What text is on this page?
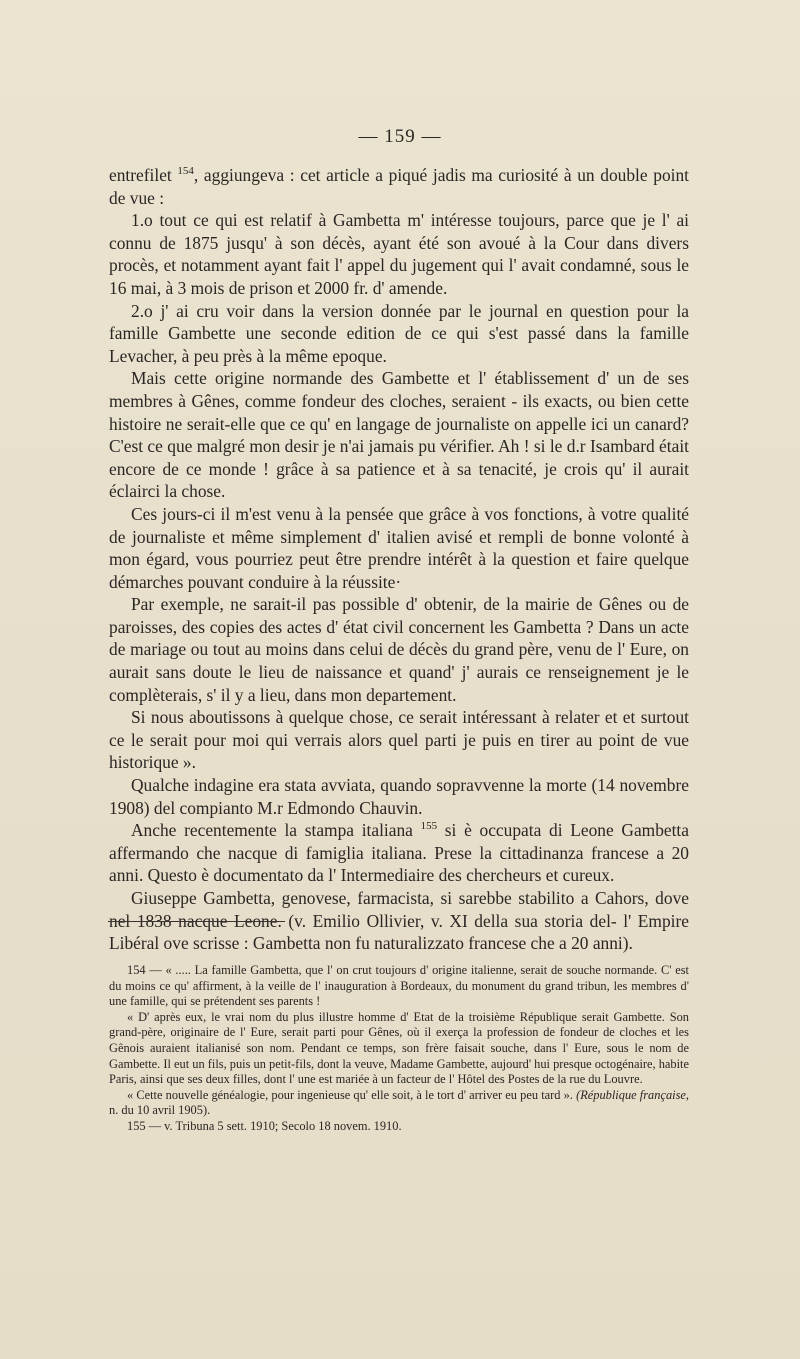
— 159 —

entrefilet $^{154}$, aggiungeva : cet article a piqué jadis ma curiosité à un double point de vue :

1.o tout ce qui est relatif à Gambetta m' intéresse toujours, parce que je l' ai connu de 1875 jusqu' à son décès, ayant été son avoué à la Cour dans divers procès, et notamment ayant fait l' appel du jugement qui l' avait condamné, sous le 16 mai, à 3 mois de prison et 2000 fr. d' amende.

2.o j' ai cru voir dans la version donnée par le journal en question pour la famille Gambette une seconde edition de ce qui s'est passé dans la famille Levacher, à peu près à la même epoque.

Mais cette origine normande des Gambette et l' établissement d' un de ses membres à Gênes, comme fondeur des cloches, seraient - ils exacts, ou bien cette histoire ne serait-elle que ce qu' en langage de journaliste on appelle ici un canard? C'est ce que malgré mon desir je n'ai jamais pu vérifier. Ah ! si le d.r Isambard était encore de ce monde ! grâce à sa patience et à sa tenacité, je crois qu' il aurait éclairci la chose.

Ces jours-ci il m'est venu à la pensée que grâce à vos fonctions, à votre qualité de journaliste et même simplement d' italien avisé et rempli de bonne volonté à mon égard, vous pourriez peut être prendre intérêt à la question et faire quelque démarches pouvant conduire à la réussite·

Par exemple, ne sarait-il pas possible d' obtenir, de la mairie de Gênes ou de paroisses, des copies des actes d' état civil concernent les Gambetta ? Dans un acte de mariage ou tout au moins dans celui de décès du grand père, venu de l' Eure, on aurait sans doute le lieu de naissance et quand' j' aurais ce renseignement je le complèterais, s' il y a lieu, dans mon departement.

Si nous aboutissons à quelque chose, ce serait intéressant à relater et et surtout ce le serait pour moi qui verrais alors quel parti je puis en tirer au point de vue historique ».

Qualche indagine era stata avviata, quando sopravvenne la morte (14 novembre 1908) del compianto M.r Edmondo Chauvin.

Anche recentemente la stampa italiana $^{155}$ si è occupata di Leone Gambetta affermando che nacque di famiglia italiana. Prese la cittadinanza francese a 20 anni. Questo è documentato da l' Intermediaire des chercheurs et cureux.

Giuseppe Gambetta, genovese, farmacista, si sarebbe stabilito a Cahors, dove nel 1838 nacque Leone. (v. Emilio Ollivier, v. XI della sua storia del- l' Empire Libéral ove scrisse : Gambetta non fu naturalizzato francese che a 20 anni).

154 — « ..... La famille Gambetta, que l' on crut toujours d' origine italienne, serait de souche normande. C' est du moins ce qu' affirment, à la veille de l' inauguration à Bordeaux, du monument du grand tribun, les membres d' une famille, qui se prétendent ses parents !

« D' après eux, le vrai nom du plus illustre homme d' Etat de la troisième République serait Gambette. Son grand-père, originaire de l' Eure, serait parti pour Gênes, où il exerça la profession de fondeur de cloches et les Gênois auraient italianisé son nom. Pendant ce temps, son frère faisait souche, dans l' Eure, sous le nom de Gambette. Il eut un fils, puis un petit-fils, dont la veuve, Madame Gambette, aujourd' hui presque octogénaire, habite Paris, ainsi que ses deux filles, dont l' une est mariée à un facteur de l' Hôtel des Postes de la rue du Louvre.

« Cette nouvelle généalogie, pour ingenieuse qu' elle soit, à le tort d' arriver eu peu tard ». (République française, n. du 10 avril 1905).

155 — v. Tribuna 5 sett. 1910; Secolo 18 novem. 1910.
